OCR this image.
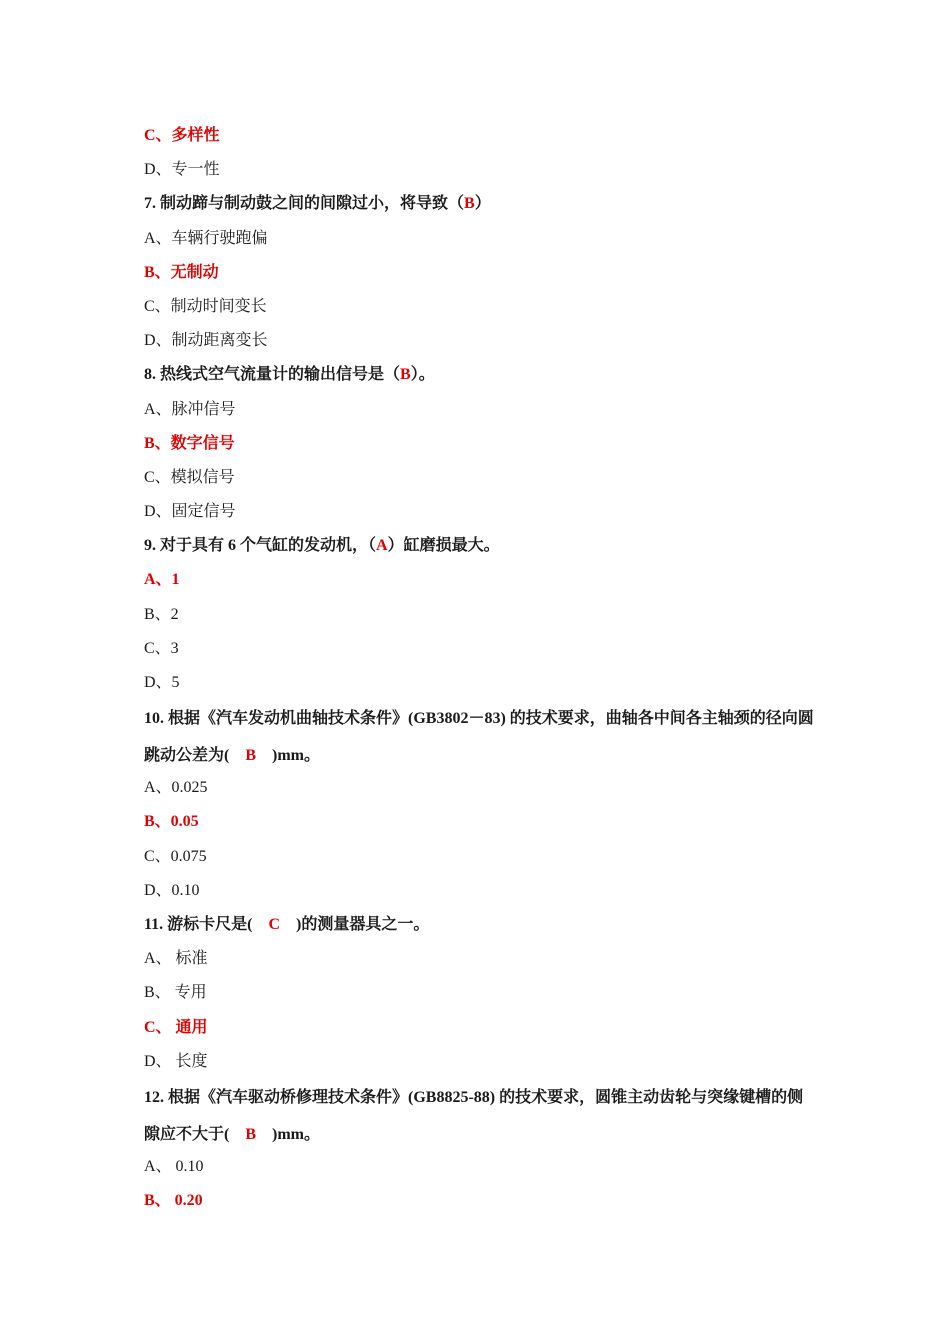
C、多样性
D、专一性
7. 制动蹄与制动鼓之间的间隙过小，将导致（B）
A、车辆行驶跑偏
B、无制动
C、制动时间变长
D、制动距离变长
8. 热线式空气流量计的输出信号是（B）。
A、脉冲信号
B、数字信号
C、模拟信号
D、固定信号
9. 对于具有 6 个气缸的发动机，（A）缸磨损最大。
A、1
B、2
C、3
D、5
10. 根据《汽车发动机曲轴技术条件》(GB3802－83) 的技术要求，曲轴各中间各主轴颈的径向圆跳动公差为(    B    )mm。
A、0.025
B、0.05
C、0.075
D、0.10
11. 游标卡尺是(    C    )的测量器具之一。
A、 标准
B、 专用
C、 通用
D、 长度
12. 根据《汽车驱动桥修理技术条件》(GB8825-88) 的技术要求，圆锥主动齿轮与突缘键槽的侧隙应不大于(    B    )mm。
A、 0.10
B、 0.20
